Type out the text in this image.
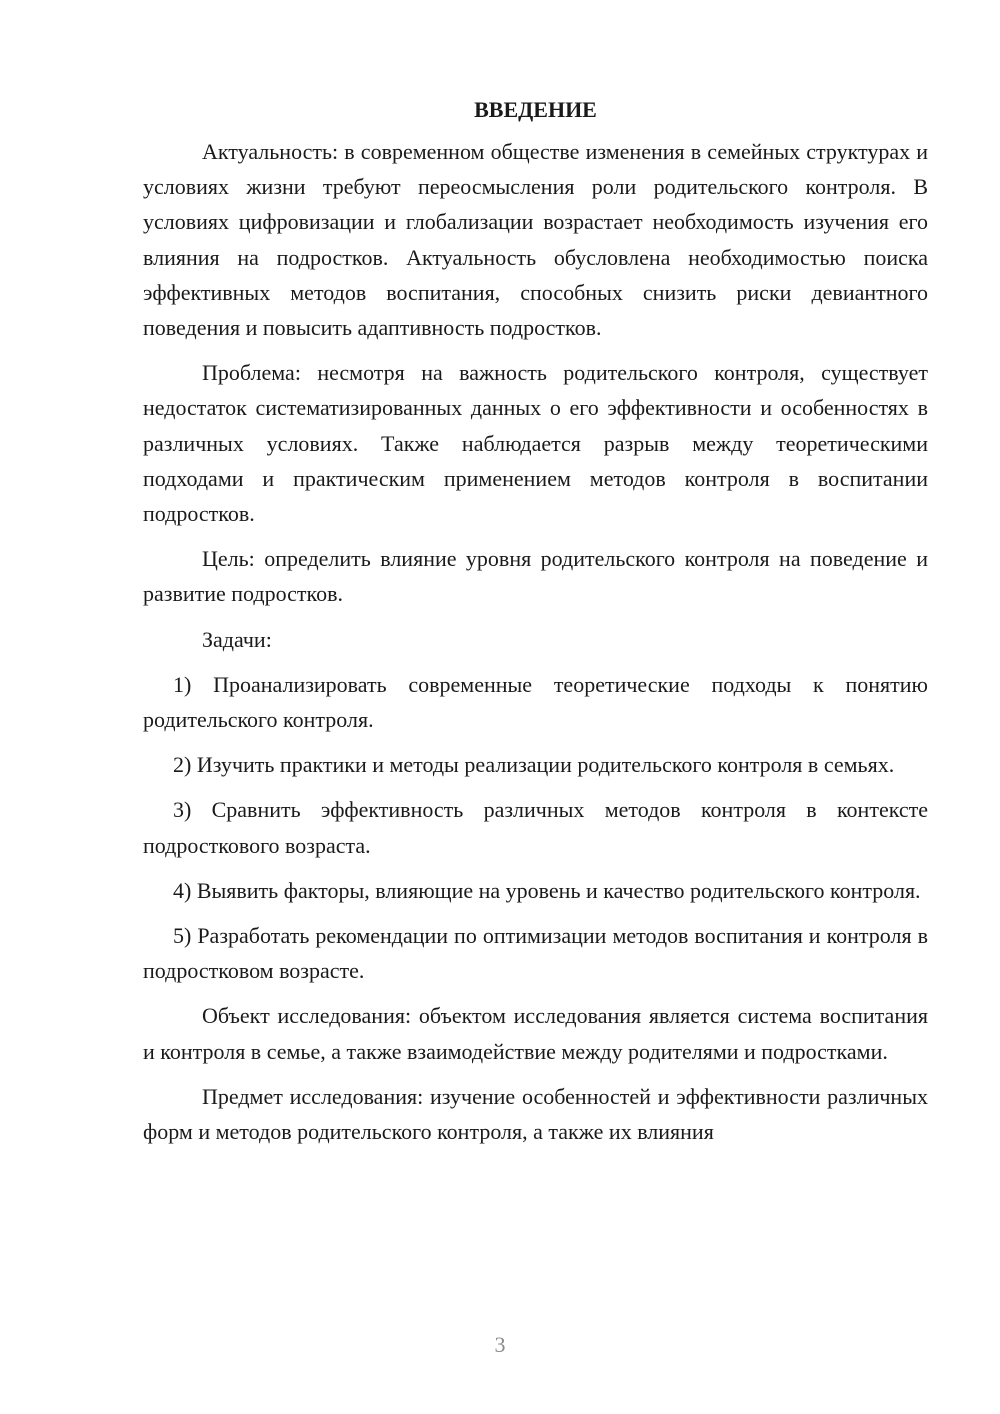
ВВЕДЕНИЕ

Актуальность: в современном обществе изменения в семейных структурах и условиях жизни требуют переосмысления роли родительского контроля. В условиях цифровизации и глобализации возрастает необходимость изучения его влияния на подростков. Актуальность обусловлена необходимостью поиска эффективных методов воспитания, способных снизить риски девиантного поведения и повысить адаптивность подростков.

Проблема: несмотря на важность родительского контроля, существует недостаток систематизированных данных о его эффективности и особенностях в различных условиях. Также наблюдается разрыв между теоретическими подходами и практическим применением методов контроля в воспитании подростков.

Цель: определить влияние уровня родительского контроля на поведение и развитие подростков.

Задачи:

1) Проанализировать современные теоретические подходы к понятию родительского контроля.

2) Изучить практики и методы реализации родительского контроля в семьях.

3) Сравнить эффективность различных методов контроля в контексте подросткового возраста.

4) Выявить факторы, влияющие на уровень и качество родительского контроля.

5) Разработать рекомендации по оптимизации методов воспитания и контроля в подростковом возрасте.

Объект исследования: объектом исследования является система воспитания и контроля в семье, а также взаимодействие между родителями и подростками.

Предмет исследования: изучение особенностей и эффективности различных форм и методов родительского контроля, а также их влияния

3
